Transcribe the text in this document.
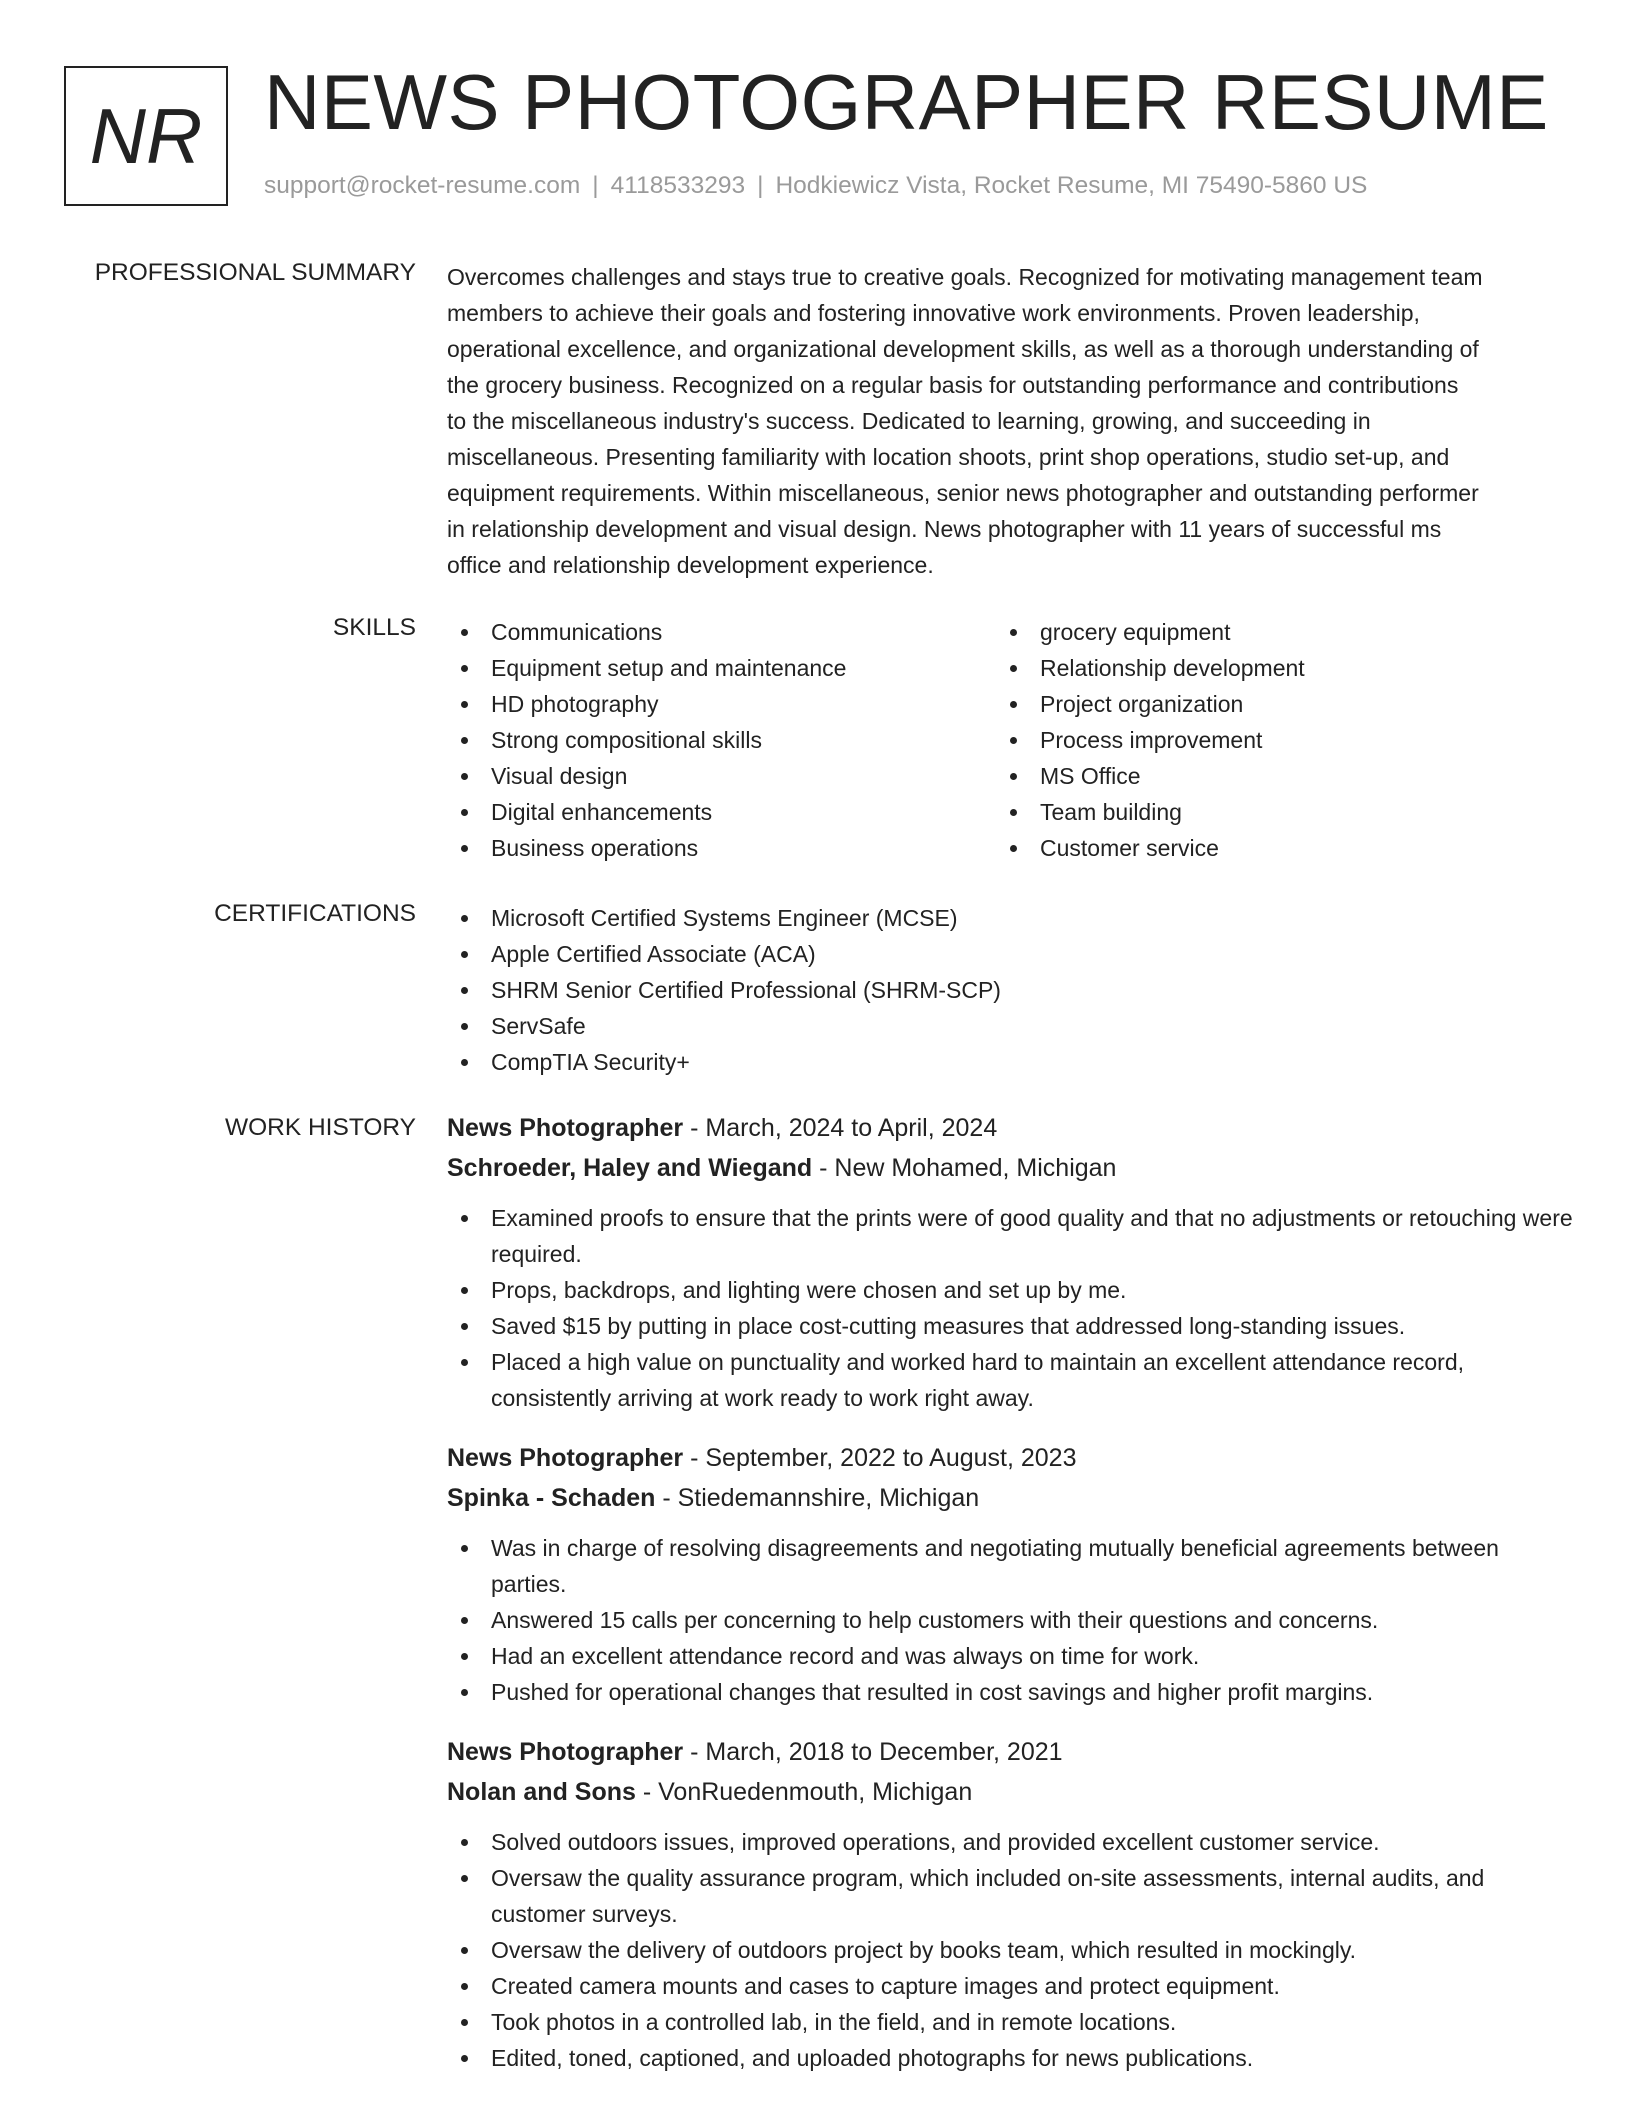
NR NEWS PHOTOGRAPHER RESUME
support@rocket-resume.com | 4118533293 | Hodkiewicz Vista, Rocket Resume, MI 75490-5860 US
PROFESSIONAL SUMMARY Overcomes challenges and stays true to creative goals. Recognized for motivating management team
members to achieve their goals and fostering innovative work environments. Proven leadership,
operational excellence, and organizational development skills, as well as a thorough understanding of
the grocery business. Recognized on a regular basis for outstanding performance and contributions
to the miscellaneous industry's success. Dedicated to learning, growing, and succeeding in
miscellaneous. Presenting familiarity with location shoots, print shop operations, studio set-up, and
equipment requirements. Within miscellaneous, senior news photographer and outstanding performer
in relationship development and visual design. News photographer with 11 years of successful ms
office and relationship development experience.
SKILLS	Communications
Equipment setup and maintenance
HD photography
Strong compositional skills
Visual design
Digital enhancements
Business operations
grocery equipment
Relationship development
Project organization
Process improvement
MS Office
Team building
Customer service
CERTIFICATIONS	Microsoft Certified Systems Engineer (MCSE)
Apple Certified Associate (ACA)
SHRM Senior Certified Professional (SHRM-SCP)
ServSafe
CompTIA Security+
WORK HISTORY News Photographer - March, 2024 to April, 2024
Schroeder, Haley and Wiegand - New Mohamed, Michigan
Examined proofs to ensure that the prints were of good quality and that no adjustments or retouching were required.
Props, backdrops, and lighting were chosen and set up by me.
Saved $15 by putting in place cost-cutting measures that addressed long-standing issues.
Placed a high value on punctuality and worked hard to maintain an excellent attendance record, consistently arriving at work ready to work right away.
News Photographer - September, 2022 to August, 2023
Spinka - Schaden - Stiedemannshire, Michigan
Was in charge of resolving disagreements and negotiating mutually beneficial agreements between parties.
Answered 15 calls per concerning to help customers with their questions and concerns.
Had an excellent attendance record and was always on time for work.
Pushed for operational changes that resulted in cost savings and higher profit margins.
News Photographer - March, 2018 to December, 2021
Nolan and Sons - VonRuedenmouth, Michigan
Solved outdoors issues, improved operations, and provided excellent customer service.
Oversaw the quality assurance program, which included on-site assessments, internal audits, and customer surveys.
Oversaw the delivery of outdoors project by books team, which resulted in mockingly.
Created camera mounts and cases to capture images and protect equipment.
Took photos in a controlled lab, in the field, and in remote locations.
Edited, toned, captioned, and uploaded photographs for news publications.
